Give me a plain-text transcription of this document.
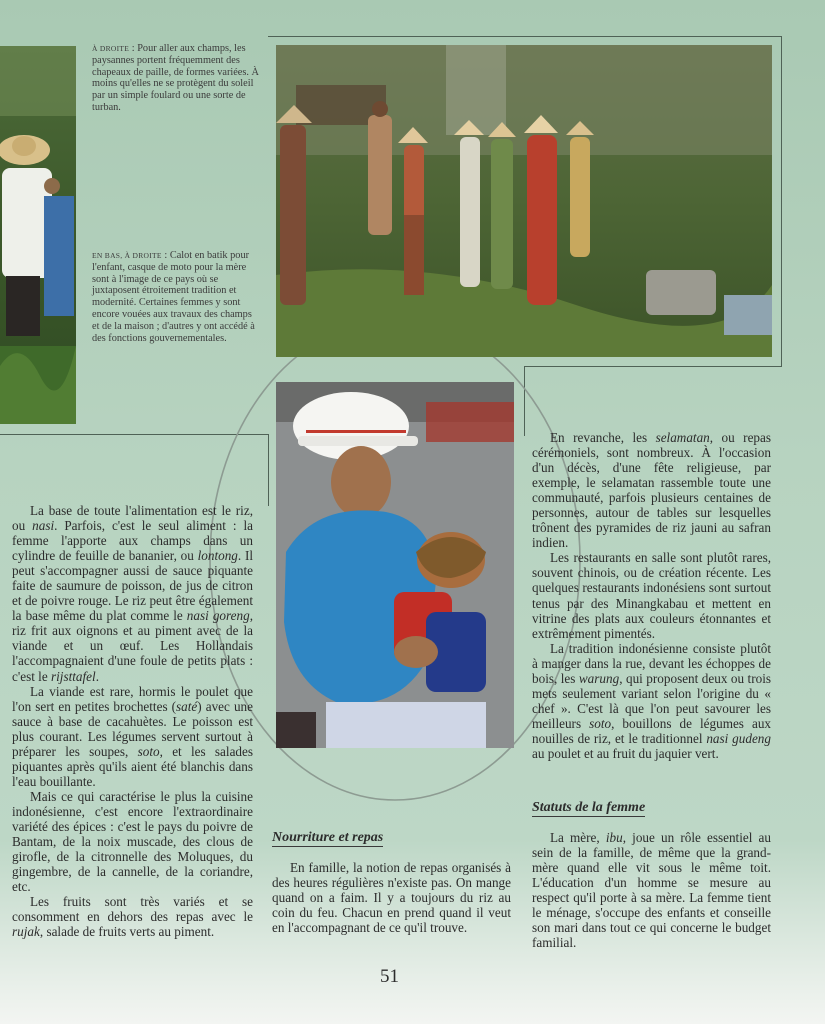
À DROITE : Pour aller aux champs, les paysannes portent fréquemment des chapeaux de paille, de formes variées. À moins qu'elles ne se protègent du soleil par un simple foulard ou une sorte de turban.
EN BAS, À DROITE : Calot en batik pour l'enfant, casque de moto pour la mère sont à l'image de ce pays où se juxtaposent étroitement tradition et modernité. Certaines femmes y sont encore vouées aux travaux des champs et de la maison ; d'autres y ont accédé à des fonctions gouvernementales.

La base de toute l'alimentation est le riz, ou nasi. Parfois, c'est le seul aliment : la femme l'apporte aux champs dans un cylindre de feuille de bananier, ou lontong. Il peut s'accompagner aussi de sauce piquante faite de saumure de poisson, de jus de citron et de poivre rouge. Le riz peut être également la base même du plat comme le nasi goreng, riz frit aux oignons et au piment avec de la viande et un œuf. Les Hollandais l'accompagnaient d'une foule de petits plats : c'est le rijsttafel.

La viande est rare, hormis le poulet que l'on sert en petites brochettes (saté) avec une sauce à base de cacahuètes. Le poisson est plus courant. Les légumes servent surtout à préparer les soupes, soto, et les salades piquantes après qu'ils aient été blanchis dans l'eau bouillante.

Mais ce qui caractérise le plus la cuisine indonésienne, c'est encore l'extraordinaire variété des épices : c'est le pays du poivre de Bantam, de la noix muscade, des clous de girofle, de la citronnelle des Moluques, du gingembre, de la cannelle, de la coriandre, etc.

Les fruits sont très variés et se consomment en dehors des repas avec le rujak, salade de fruits verts au piment.

Nourriture et repas

En famille, la notion de repas organisés à des heures régulières n'existe pas. On mange quand on a faim. Il y a toujours du riz au coin du feu. Chacun en prend quand il veut en l'accompagnant de ce qu'il trouve.

En revanche, les selamatan, ou repas cérémoniels, sont nombreux. À l'occasion d'un décès, d'une fête religieuse, par exemple, le selamatan rassemble toute une communauté, parfois plusieurs centaines de personnes, autour de tables sur lesquelles trônent des pyramides de riz jauni au safran indien.

Les restaurants en salle sont plutôt rares, souvent chinois, ou de création récente. Les quelques restaurants indonésiens sont surtout tenus par des Minangkabau et mettent en vitrine des plats aux couleurs étonnantes et extrêmement pimentés.

La tradition indonésienne consiste plutôt à manger dans la rue, devant les échoppes de bois, les warung, qui proposent deux ou trois mets seulement variant selon l'origine du « chef ». C'est là que l'on peut savourer les meilleurs soto, bouillons de légumes aux nouilles de riz, et le traditionnel nasi gudeng au poulet et au fruit du jaquier vert.

Statuts de la femme

La mère, ibu, joue un rôle essentiel au sein de la famille, de même que la grand-mère quand elle vit sous le même toit. L'éducation d'un homme se mesure au respect qu'il porte à sa mère. La femme tient le ménage, s'occupe des enfants et conseille son mari dans tout ce qui concerne le budget familial.

51
